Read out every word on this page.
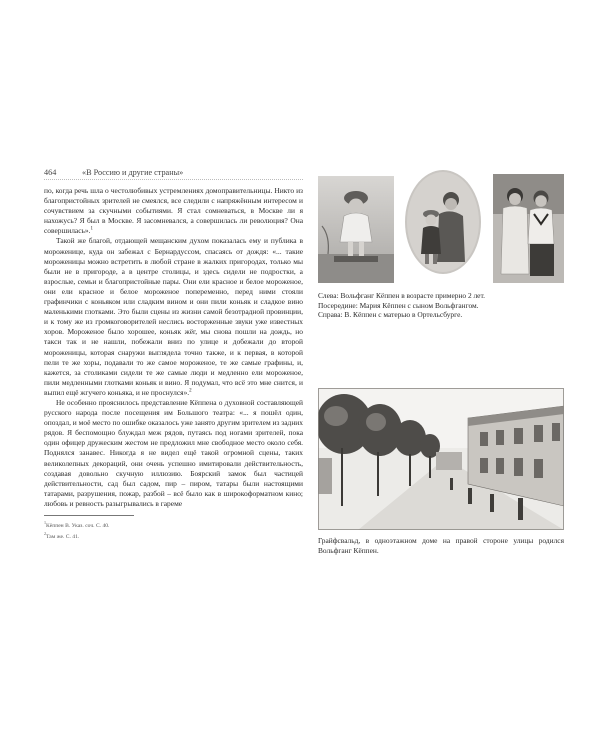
464	«В Россию и другие страны»

по, когда речь шла о честолюбивых устремлениях домоправительницы. Никто из благопристойных зрителей не смеялся, все следили с напряжённым интересом и сочувствием за скучными событиями. Я стал сомневаться, в Москве ли я нахожусь? Я был в Москве. Я засомневался, а совершилась ли революция? Она совершилась».$^1$

Такой же благой, отдающей мещанским духом показалась ему и публика в мороженице, куда он забежал с Бернардуссом, спасаясь от дождя: «... такие мороженицы можно встретить в любой стране в жалких пригородах, только мы были не в пригороде, а в центре столицы, и здесь сидели не подростки, а взрослые, семьи и благопристойные пары. Они ели красное и белое мороженое, они ели красное и белое мороженое попеременно, перед ними стояли графинчики с коньяком или сладким вином и они пили коньяк и сладкое вино маленькими глотками. Это были сцены из жизни самой безотрадной провинции, и к тому же из громкоговорителей неслись восторженные звуки уже известных хоров. Мороженое было хорошее, коньяк жёг, мы снова пошли на дождь, но такси так и не нашли, побежали вниз по улице и добежали до второй мороженицы, которая снаружи выглядела точно также, и к первая, в которой пели те же хоры, подавали то же самое мороженое, те же самые графины, и, кажется, за столиками сидели те же самые люди и медленно ели мороженое, пили медленными глотками коньяк и вино. Я подумал, что всё это мне снится, и выпил ещё жгучего коньяка, и не проснулся».$^2$

Не особенно прояснилось представление Кёппена о духовной составляющей русского народа после посещения им Большого театра: «... я пошёл один, опоздал, и моё место по ошибке оказалось уже занято другим зрителем из задних рядов. Я беспомощно блуждал меж рядов, путаясь под ногами зрителей, пока один офицер дружеским жестом не предложил мне свободное место около себя. Поднялся занавес. Никогда я не видел ещё такой огромной сцены, таких великолепных декораций, они очень успешно имитировали действительность, создавая довольно скучную иллюзию. Боярский замок был частицей действительности, сад был садом, пир – пиром, татары были настоящими татарами, разрушения, пожар, разбой – всё было как в широкоформатном кино; любовь и ревность разыгрывались в гареме

$^1$Кёппен В. Указ. соч. С. 40.
$^2$Там же. С. 41.
Слева: Вольфганг Кёппен в возрасте примерно 2 лет.
Посередине: Мария Кёппен с сыном Вольфгангом.
Справа: В. Кёппен с матерью в Ортельсбурге.
Грайфсвальд, в одноэтажном доме на правой стороне улицы родился Вольфганг Кёппен.
